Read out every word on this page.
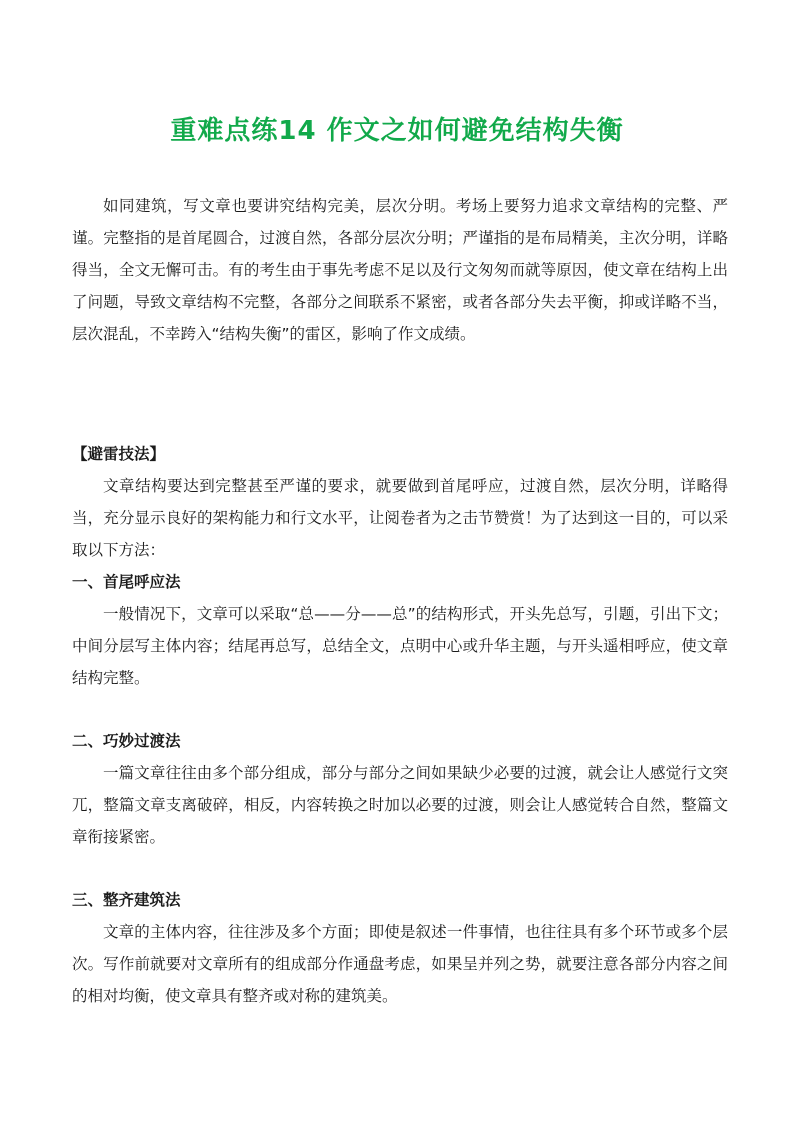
重难点练14 作文之如何避免结构失衡

如同建筑，写文章也要讲究结构完美，层次分明。考场上要努力追求文章结构的完整、严谨。完整指的是首尾圆合，过渡自然，各部分层次分明；严谨指的是布局精美，主次分明，详略得当，全文无懈可击。有的考生由于事先考虑不足以及行文匆匆而就等原因，使文章在结构上出了问题，导致文章结构不完整，各部分之间联系不紧密，或者各部分失去平衡，抑或详略不当，层次混乱，不幸跨入“结构失衡”的雷区，影响了作文成绩。

【避雷技法】

文章结构要达到完整甚至严谨的要求，就要做到首尾呼应，过渡自然，层次分明，详略得当，充分显示良好的架构能力和行文水平，让阅卷者为之击节赞赏！为了达到这一目的，可以采取以下方法：

一、首尾呼应法

一般情况下，文章可以采取“总——分——总”的结构形式，开头先总写，引题，引出下文；中间分层写主体内容；结尾再总写，总结全文，点明中心或升华主题，与开头遥相呼应，使文章结构完整。

二、巧妙过渡法

一篇文章往往由多个部分组成，部分与部分之间如果缺少必要的过渡，就会让人感觉行文突兀，整篇文章支离破碎，相反，内容转换之时加以必要的过渡，则会让人感觉转合自然，整篇文章衔接紧密。

三、整齐建筑法

文章的主体内容，往往涉及多个方面；即使是叙述一件事情，也往往具有多个环节或多个层次。写作前就要对文章所有的组成部分作通盘考虑，如果呈并列之势，就要注意各部分内容之间的相对均衡，使文章具有整齐或对称的建筑美。
